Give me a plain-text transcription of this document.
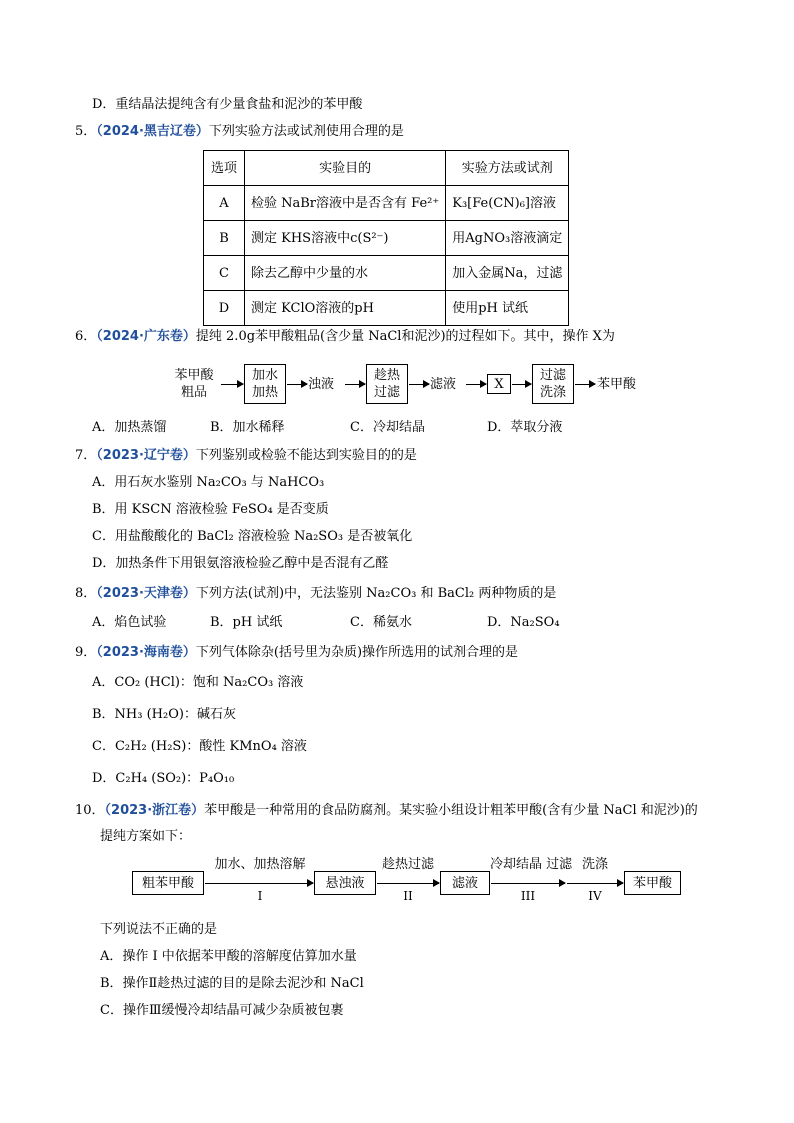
D．重结晶法提纯含有少量食盐和泥沙的苯甲酸
5．（2024·黑吉辽卷）下列实验方法或试剂使用合理的是
选项	实验目的	实验方法或试剂
A	检验 NaBr溶液中是否含有 Fe²⁺	K₃[Fe(CN)₆]溶液
B	测定 KHS溶液中c(S²⁻)	用AgNO₃溶液滴定
C	除去乙醇中少量的水	加入金属Na，过滤
D	测定 KClO溶液的pH	使用pH 试纸
6．（2024·广东卷）提纯 2.0g苯甲酸粗品(含少量 NaCl和泥沙)的过程如下。其中，操作 X为
苯甲酸
粗品
加水
加热
浊液
趁热
过滤
滤液	X
过滤
洗涤
苯甲酸
A．加热蒸馏	B．加水稀释	C．冷却结晶	D．萃取分液
7．（2023·辽宁卷）下列鉴别或检验不能达到实验目的的是
A．用石灰水鉴别 Na₂CO₃ 与 NaHCO₃
B．用 KSCN 溶液检验 FeSO₄ 是否变质
C．用盐酸酸化的 BaCl₂ 溶液检验 Na₂SO₃ 是否被氧化
D．加热条件下用银氨溶液检验乙醇中是否混有乙醛
8．（2023·天津卷）下列方法(试剂)中，无法鉴别 Na₂CO₃ 和 BaCl₂ 两种物质的是
A．焰色试验	B．pH 试纸	C．稀氨水	D．Na₂SO₄
9．（2023·海南卷）下列气体除杂(括号里为杂质)操作所选用的试剂合理的是
A．CO₂ (HCl)：饱和 Na₂CO₃ 溶液
B．NH₃ (H₂O)：碱石灰
C．C₂H₂ (H₂S)：酸性 KMnO₄ 溶液
D．C₂H₄ (SO₂)：P₄O₁₀
10．（2023·浙江卷）苯甲酸是一种常用的食品防腐剂。某实验小组设计粗苯甲酸(含有少量 NaCl 和泥沙)的
提纯方案如下：
粗苯甲酸
加水、加热溶解
I
悬浊液
趁热过滤
II
滤液
冷却结晶 过滤
III
洗涤
IV
苯甲酸
下列说法不正确的是
A．操作 I 中依据苯甲酸的溶解度估算加水量
B．操作Ⅱ趁热过滤的目的是除去泥沙和 NaCl
C．操作Ⅲ缓慢冷却结晶可减少杂质被包裹
